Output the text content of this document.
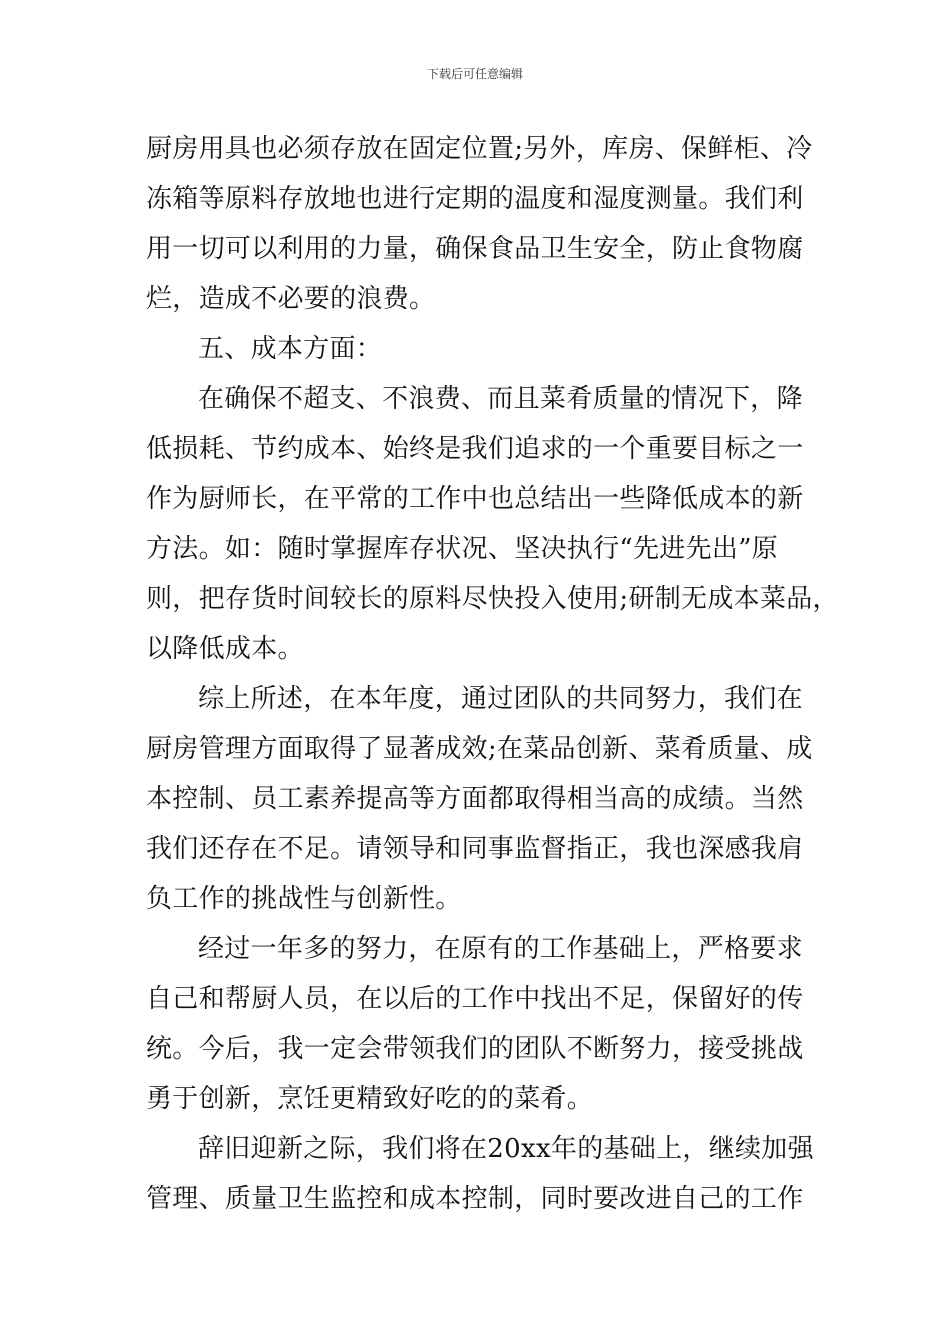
下载后可任意编辑
厨房用具也必须存放在固定位置;另外，库房、保鲜柜、冷
冻箱等原料存放地也进行定期的温度和湿度测量。我们利
用一切可以利用的力量，确保食品卫生安全，防止食物腐
烂，造成不必要的浪费。
五、成本方面：
在确保不超支、不浪费、而且菜肴质量的情况下，降
低损耗、节约成本、始终是我们追求的一个重要目标之一
作为厨师长，在平常的工作中也总结出一些降低成本的新
方法。如：随时掌握库存状况、坚决执行“先进先出”原
则，把存货时间较长的原料尽快投入使用;研制无成本菜品，
以降低成本。
综上所述，在本年度，通过团队的共同努力，我们在
厨房管理方面取得了显著成效;在菜品创新、菜肴质量、成
本控制、员工素养提高等方面都取得相当高的成绩。当然
我们还存在不足。请领导和同事监督指正，我也深感我肩
负工作的挑战性与创新性。
经过一年多的努力，在原有的工作基础上，严格要求
自己和帮厨人员，在以后的工作中找出不足，保留好的传
统。今后，我一定会带领我们的团队不断努力，接受挑战
勇于创新，烹饪更精致好吃的的菜肴。
辞旧迎新之际，我们将在20xx年的基础上，继续加强
管理、质量卫生监控和成本控制，同时要改进自己的工作
